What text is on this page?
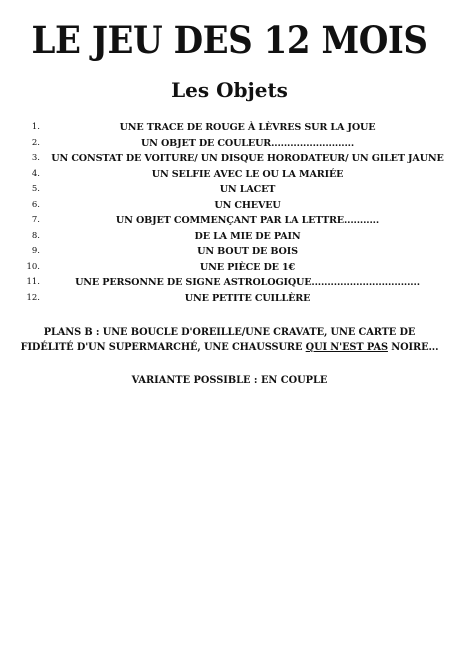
LE JEU DES 12 MOIS
Les Objets
1.	UNE TRACE DE ROUGE À LÈVRES SUR LA JOUE
2.	UN OBJET DE COULEUR..........................
3.	UN CONSTAT DE VOITURE/ UN DISQUE HORODATEUR/ UN GILET JAUNE
4.	UN SELFIE AVEC LE OU LA MARIÉE
5.	UN LACET
6.	UN CHEVEU
7.	UN OBJET COMMENÇANT PAR LA LETTRE...........
8.	DE LA MIE DE PAIN
9.	UN BOUT DE BOIS
10.	UNE PIÈCE DE 1€
11.	UNE PERSONNE DE SIGNE ASTROLOGIQUE..................................
12.	UNE PETITE CUILLÈRE
PLANS B : UNE BOUCLE D'OREILLE/UNE CRAVATE, UNE CARTE DE FIDÉLITÉ D'UN SUPERMARCHÉ, UNE CHAUSSURE QUI N'EST PAS NOIRE...
VARIANTE POSSIBLE : EN COUPLE
